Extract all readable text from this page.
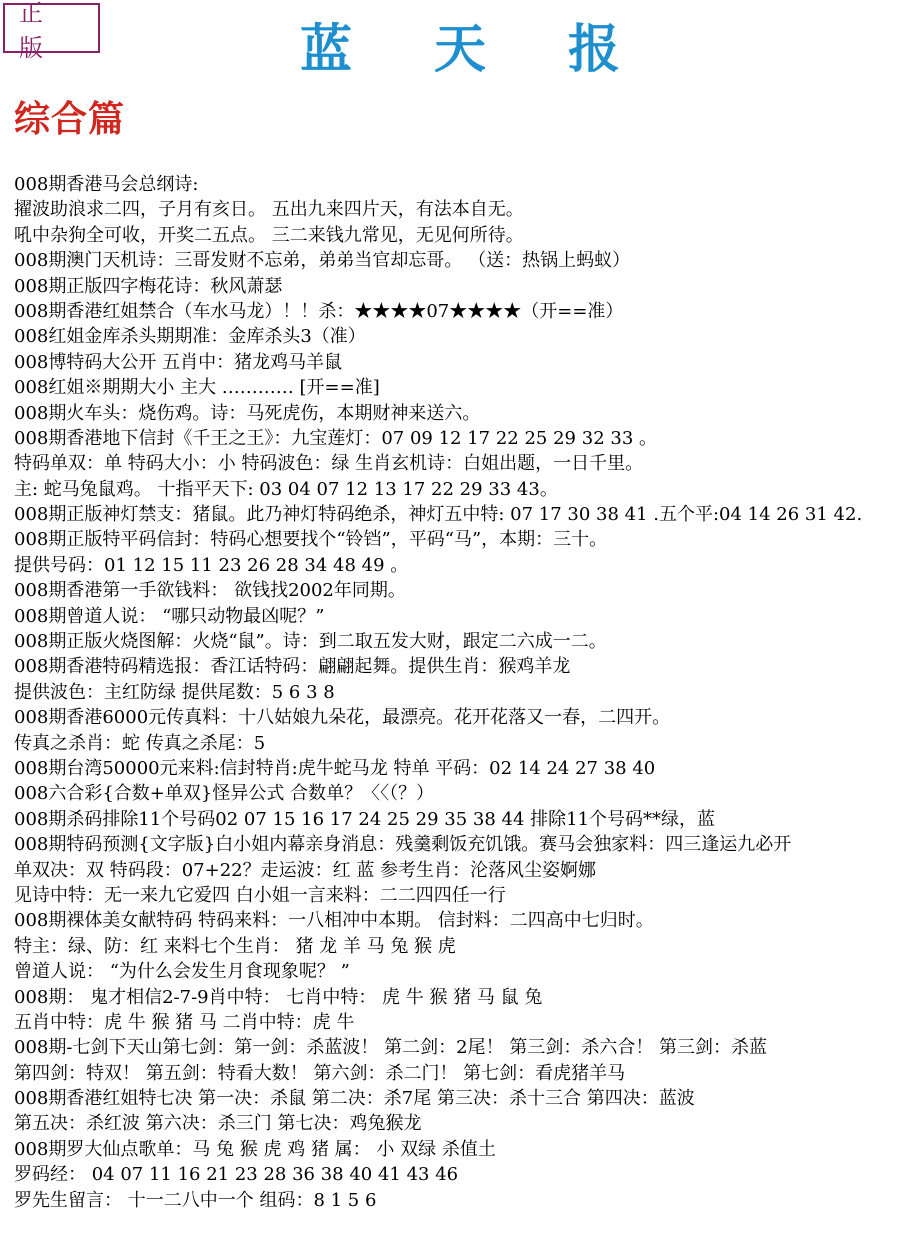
正 版	蓝 天 报
综合篇
008期香港马会总纲诗:
擢波助浪求二四，子月有亥日。 五出九来四片天，有法本自无。
吼中杂狗全可收，开奖二五点。 三二来钱九常见，无见何所待。
008期澳门天机诗：三哥发财不忘弟，弟弟当官却忘哥。 （送：热锅上蚂蚁）
008期正版四字梅花诗：秋风萧瑟
008期香港红姐禁合（车水马龙）！！杀：★★★★07★★★★（开==准）
008红姐金库杀头期期准：金库杀头3（准）
008博特码大公开 五肖中：猪龙鸡马羊鼠
008红姐※期期大小 主大 ………… [开==准]
008期火车头：烧伤鸡。诗：马死虎伤，本期财神来送六。
008期香港地下信封《千王之王》：九宝莲灯：07 09 12 17 22 25 29 32 33 。
特码单双：单 特码大小：小 特码波色：绿 生肖玄机诗：白姐出题，一日千里。
主: 蛇马兔鼠鸡。 十指平天下: 03 04 07 12 13 17 22 29 33 43。
008期正版神灯禁支：猪鼠。此乃神灯特码绝杀，神灯五中特: 07 17 30 38 41 .五个平:04 14 26 31 42.
008期正版特平码信封：特码心想要找个“铃铛”，平码“马”，本期：三十。
提供号码：01 12 15 11 23 26 28 34 48 49 。
008期香港第一手欲钱料： 欲钱找2002年同期。
008期曾道人说： “哪只动物最凶呢？”
008期正版火烧图解：火烧“鼠”。诗：到二取五发大财，跟定二六成一二。
008期香港特码精选报：香江话特码：翩翩起舞。提供生肖：猴鸡羊龙
提供波色：主红防绿 提供尾数：5 6 3 8
008期香港6000元传真料：十八姑娘九朵花，最漂亮。花开花落又一春，二四开。
传真之杀肖：蛇 传真之杀尾：5
008期台湾50000元来料:信封特肖:虎牛蛇马龙 特单 平码：02 14 24 27 38 40
008六合彩{合数+单双}怪异公式 合数单？〈〈（？）
008期杀码排除11个号码02 07 15 16 17 24 25 29 35 38 44 排除11个号码**绿，蓝
008期特码预测{文字版}白小姐内幕亲身消息：残羹剩饭充饥饿。赛马会独家料：四三逢运九必开
单双决：双 特码段：07+22？走运波：红 蓝 参考生肖：沦落风尘姿婀娜
见诗中特：无一来九它爱四 白小姐一言来料：二二四四任一行
008期裸体美女献特码 特码来料：一八相冲中本期。 信封料：二四高中七归时。
特主：绿、防：红 来料七个生肖： 猪 龙 羊 马 兔 猴 虎
曾道人说： “为什么会发生月食现象呢？ ”
008期： 鬼才相信2-7-9肖中特： 七肖中特： 虎 牛 猴 猪 马 鼠 兔
五肖中特：虎 牛 猴 猪 马 二肖中特：虎 牛
008期-七剑下天山第七剑：第一剑：杀蓝波！ 第二剑：2尾！ 第三剑：杀六合！ 第三剑：杀蓝
第四剑：特双！ 第五剑：特看大数！ 第六剑：杀二门！ 第七剑：看虎猪羊马
008期香港红姐特七决 第一决：杀鼠 第二决：杀7尾 第三决：杀十三合 第四决：蓝波
第五决：杀红波 第六决：杀三门 第七决：鸡兔猴龙
008期罗大仙点歌单：马 兔 猴 虎 鸡 猪 属： 小 双绿 杀值土
罗码经： 04 07 11 16 21 23 28 36 38 40 41 43 46
罗先生留言： 十一二八中一个 组码：8 1 5 6
